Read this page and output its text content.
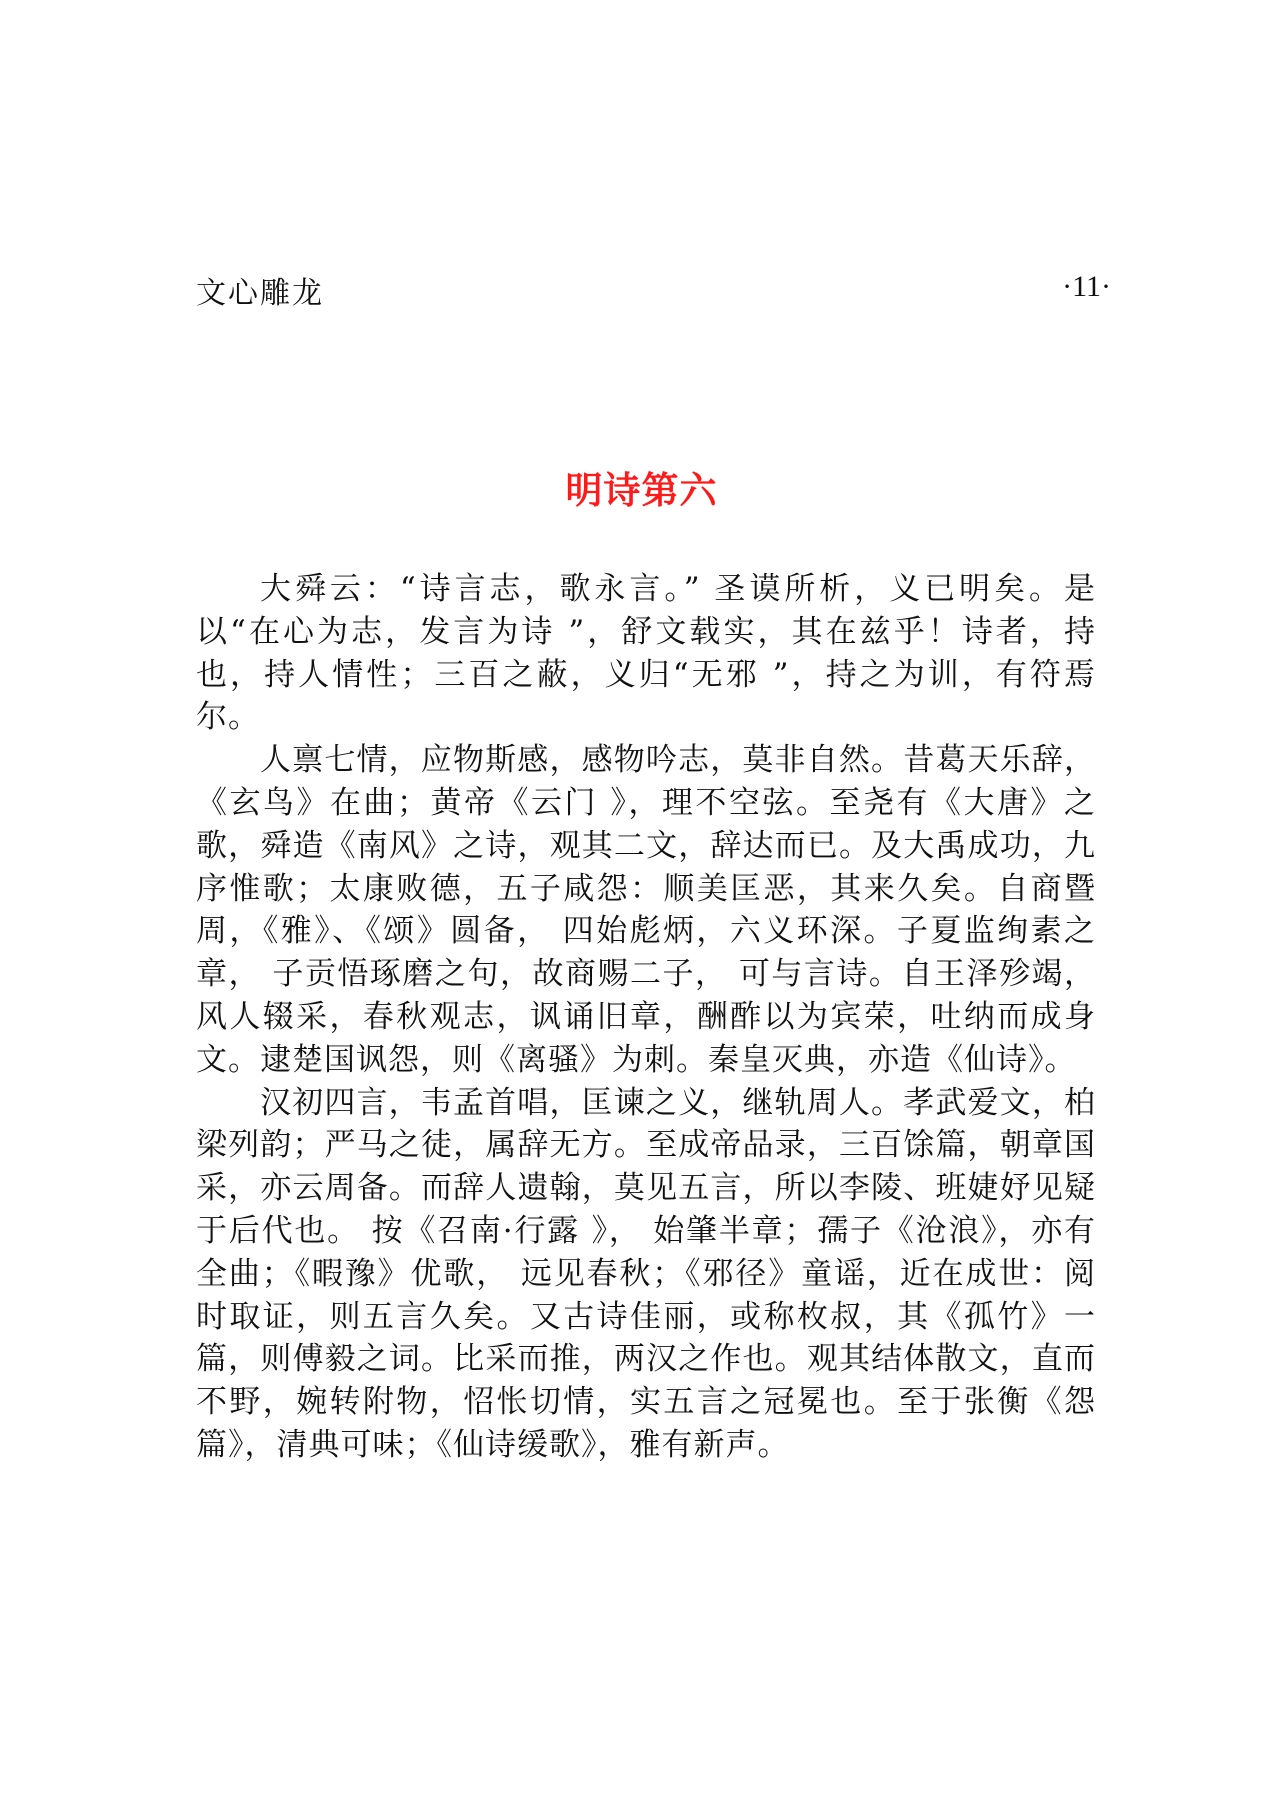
文心雕龙	·11·
明诗第六

大舜云：“诗言志，歌永言。” 圣谟所析，义已明矣。是以“在心为志，发言为诗 ”，舒文载实，其在兹乎！诗者，持也，持人情性；三百之蔽，义归“无邪 ”，持之为训，有符焉尔。

人禀七情，应物斯感，感物吟志，莫非自然。昔葛天乐辞，《玄鸟》在曲；黄帝《云门 》，理不空弦。至尧有《大唐》之歌，舜造《南风》之诗，观其二文，辞达而已。及大禹成功，九序惟歌；太康败德，五子咸怨：顺美匡恶，其来久矣。自商暨周，《雅》、《颂》圆备， 四始彪炳，六义环深。子夏监绚素之章， 子贡悟琢磨之句，故商赐二子， 可与言诗。自王泽殄竭，风人辍采，春秋观志，讽诵旧章，酬酢以为宾荣，吐纳而成身文。逮楚国讽怨，则《离骚》为刺。秦皇灭典，亦造《仙诗》。

汉初四言，韦孟首唱，匡谏之义，继轨周人。孝武爱文，柏梁列韵；严马之徒，属辞无方。至成帝品录，三百馀篇，朝章国采，亦云周备。而辞人遗翰，莫见五言，所以李陵、班婕妤见疑于后代也。 按《召南·行露 》， 始肇半章；孺子《沧浪》，亦有全曲；《暇豫》优歌， 远见春秋；《邪径》童谣，近在成世：阅时取证，则五言久矣。又古诗佳丽，或称枚叔，其《孤竹》一篇，则傅毅之词。比采而推，两汉之作也。观其结体散文，直而不野，婉转附物，怊怅切情，实五言之冠冕也。至于张衡《怨篇》，清典可味；《仙诗缓歌》，雅有新声。
